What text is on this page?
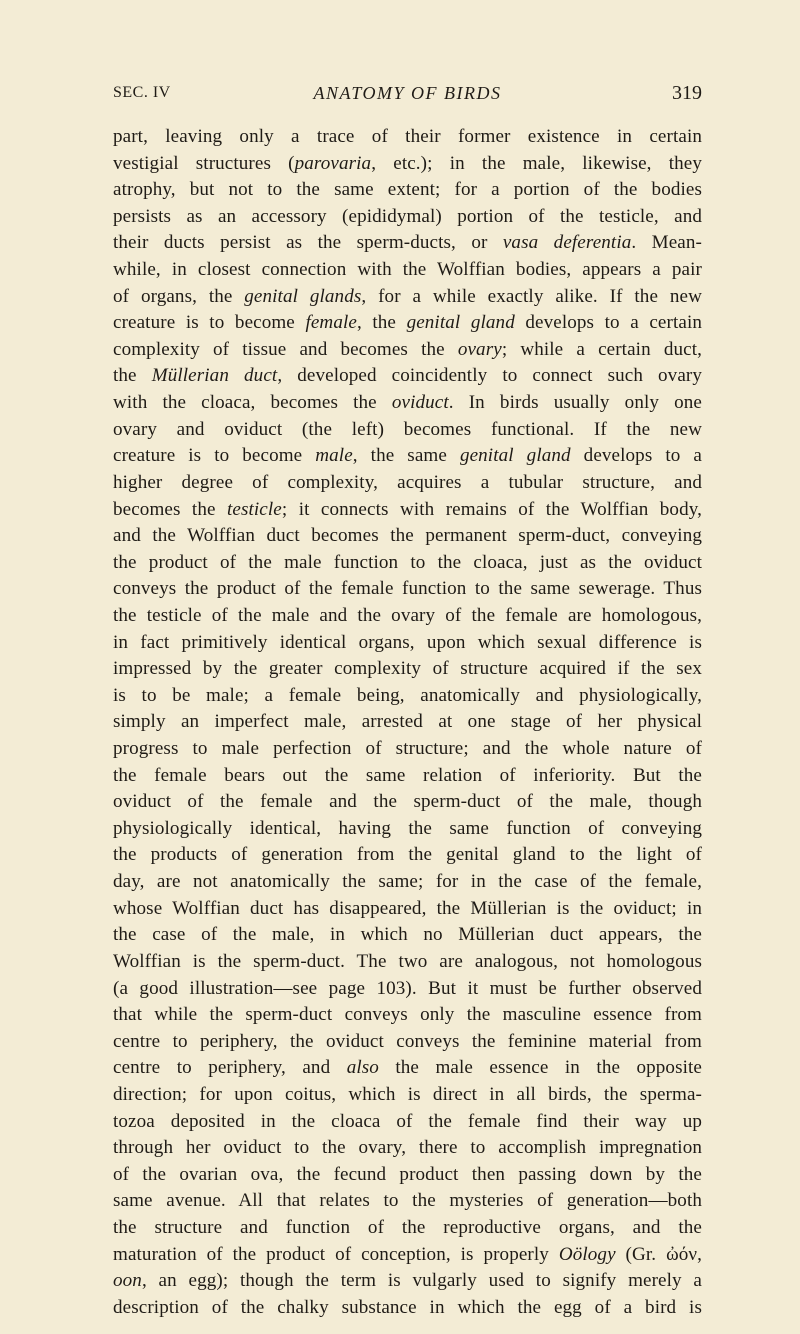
SEC. IV	ANATOMY OF BIRDS	319
part, leaving only a trace of their former existence in certain
vestigial structures (parovaria, etc.); in the male, likewise, they
atrophy, but not to the same extent; for a portion of the bodies
persists as an accessory (epididymal) portion of the testicle, and
their ducts persist as the sperm-ducts, or vasa deferentia. Mean-
while, in closest connection with the Wolffian bodies, appears a pair
of organs, the genital glands, for a while exactly alike. If the new
creature is to become female, the genital gland develops to a certain
complexity of tissue and becomes the ovary; while a certain duct,
the Müllerian duct, developed coincidently to connect such ovary
with the cloaca, becomes the oviduct. In birds usually only one
ovary and oviduct (the left) becomes functional. If the new
creature is to become male, the same genital gland develops to a
higher degree of complexity, acquires a tubular structure, and
becomes the testicle; it connects with remains of the Wolffian body,
and the Wolffian duct becomes the permanent sperm-duct, conveying
the product of the male function to the cloaca, just as the oviduct
conveys the product of the female function to the same sewerage. Thus
the testicle of the male and the ovary of the female are homologous,
in fact primitively identical organs, upon which sexual difference is
impressed by the greater complexity of structure acquired if the sex
is to be male; a female being, anatomically and physiologically,
simply an imperfect male, arrested at one stage of her physical
progress to male perfection of structure; and the whole nature of
the female bears out the same relation of inferiority. But the
oviduct of the female and the sperm-duct of the male, though
physiologically identical, having the same function of conveying
the products of generation from the genital gland to the light of
day, are not anatomically the same; for in the case of the female,
whose Wolffian duct has disappeared, the Müllerian is the oviduct; in
the case of the male, in which no Müllerian duct appears, the
Wolffian is the sperm-duct. The two are analogous, not homologous
(a good illustration—see page 103). But it must be further observed
that while the sperm-duct conveys only the masculine essence from
centre to periphery, the oviduct conveys the feminine material from
centre to periphery, and also the male essence in the opposite
direction; for upon coitus, which is direct in all birds, the sperma-
tozoa deposited in the cloaca of the female find their way up
through her oviduct to the ovary, there to accomplish impregnation
of the ovarian ova, the fecund product then passing down by the
same avenue. All that relates to the mysteries of generation—both
the structure and function of the reproductive organs, and the
maturation of the product of conception, is properly Oölogy (Gr. ὠόν,
oon, an egg); though the term is vulgarly used to signify merely a
description of the chalky substance in which the egg of a bird is
